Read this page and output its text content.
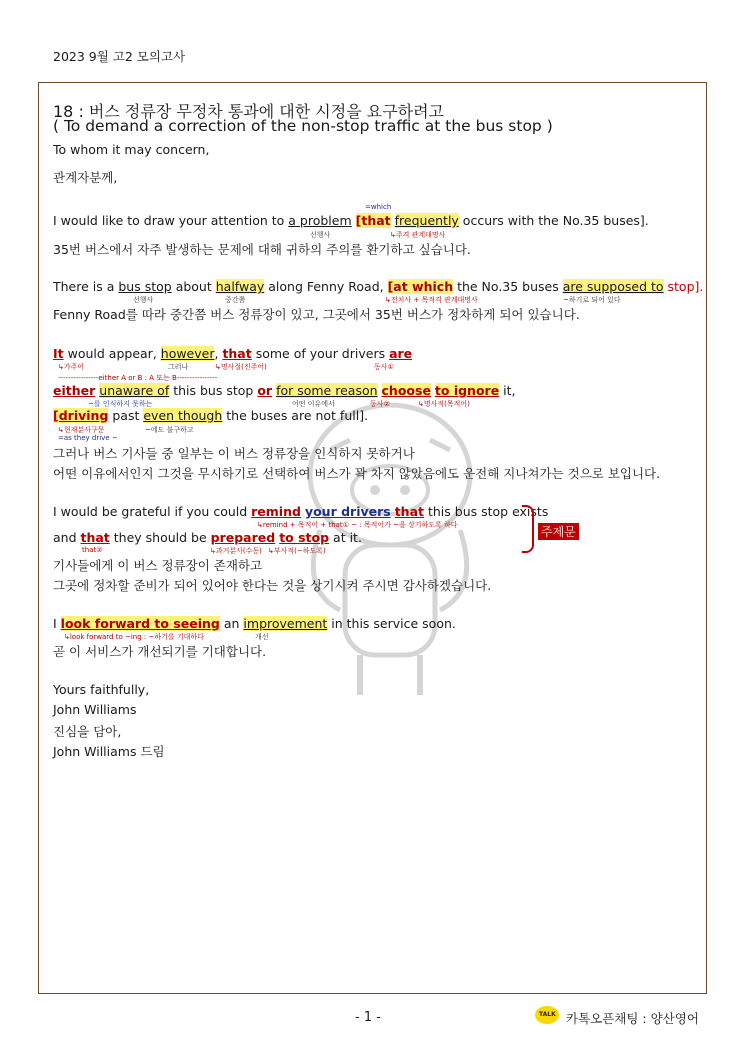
2023 9월 고2 모의고사
18 : 버스 정류장 무정차 통과에 대한 시정을 요구하려고
( To demand a correction of the non-stop traffic at the bus stop )
To whom it may concern,
관계자분께,
=which
I would like to draw your attention to a problem [that frequently occurs with the No.35 buses].
선행사	↳주격 관계대명사
35번 버스에서 자주 발생하는 문제에 대해 귀하의 주의를 환기하고 싶습니다.
There is a bus stop about halfway along Fenny Road, [at which the No.35 buses are supposed to stop].
선행사	중간쯤	↳전치사 + 목적격 관계대명사	~하기로 되어 있다
Fenny Road를 따라 중간쯤 버스 정류장이 있고, 그곳에서 35번 버스가 정차하게 되어 있습니다.
It would appear, however, that some of your drivers are
↳가주어	그러나	↳명사절(진주어)	동사①
----------------either A or B : A 또는 B----------------
either unaware of this bus stop or for some reason choose to ignore it,
~를 인식하지 못하는	어떤 이유에서	동사②	↳명사적(목적어)
[driving past even though the buses are not full].
↳현재분사구문
=as they drive ~
~에도 불구하고
그러나 버스 기사들 중 일부는 이 버스 정류장을 인식하지 못하거나
어떤 이유에서인지 그것을 무시하기로 선택하여 버스가 꽉 차지 않았음에도 운전해 지나쳐가는 것으로 보입니다.
I would be grateful if you could remind your drivers that this bus stop exists
↳remind + 목적어 + that① ~ : 목적어가 ~을 상기하도록 하다	주제문
and that they should be prepared to stop at it.
that②	↳과거분사(수동) ↳부사적(~하도록)
기사들에게 이 버스 정류장이 존재하고
그곳에 정차할 준비가 되어 있어야 한다는 것을 상기시켜 주시면 감사하겠습니다.
I look forward to seeing an improvement in this service soon.
↳look forward to ~ing : ~하기를 기대하다	개선
곧 이 서비스가 개선되기를 기대합니다.
Yours faithfully,
John Williams
진심을 담아,
John Williams 드림
- 1 -	TALK 카톡오픈채팅 : 양산영어
